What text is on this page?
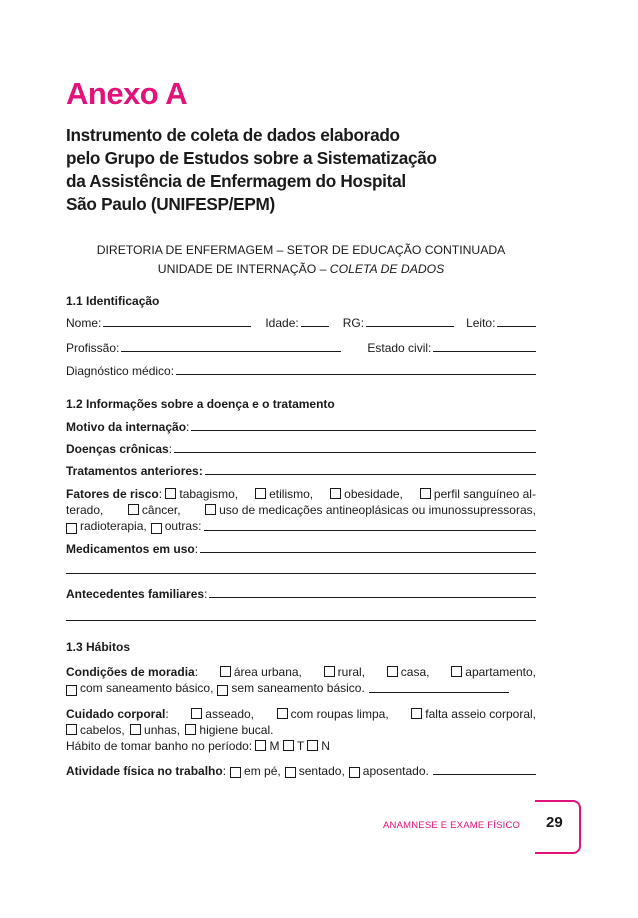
Anexo A
Instrumento de coleta de dados elaborado
pelo Grupo de Estudos sobre a Sistematização
da Assistência de Enfermagem do Hospital
São Paulo (UNIFESP/EPM)
DIRETORIA DE ENFERMAGEM – SETOR DE EDUCAÇÃO CONTINUADA
UNIDADE DE INTERNAÇÃO – COLETA DE DADOS
1.1 Identificação
Nome:	Idade:	RG:	Leito:
Profissão:	Estado civil:
Diagnóstico médico:
1.2 Informações sobre a doença e o tratamento
Motivo da internação :
Doenças crônicas :
Tratamentos anteriores:
Fatores de risco: tabagismo,	etilismo,	obesidade,	perfil sanguíneo al-
terado,	câncer,	uso de medicações antineoplásicas ou imunossupressoras,
radioterapia, outras:
Medicamentos em uso :
Antecedentes familiares :
1.3 Hábitos
Condições de moradia:	área urbana,	rural,	casa,	apartamento,
com saneamento básico, sem saneamento básico.
Cuidado corporal:	asseado,	com roupas limpa,	falta asseio corporal,
cabelos, unhas, higiene bucal.
Hábito de tomar banho no período: M T N
Atividade física no trabalho : em pé, sentado, aposentado.
ANAMNESE E EXAME FÍSICO 29
